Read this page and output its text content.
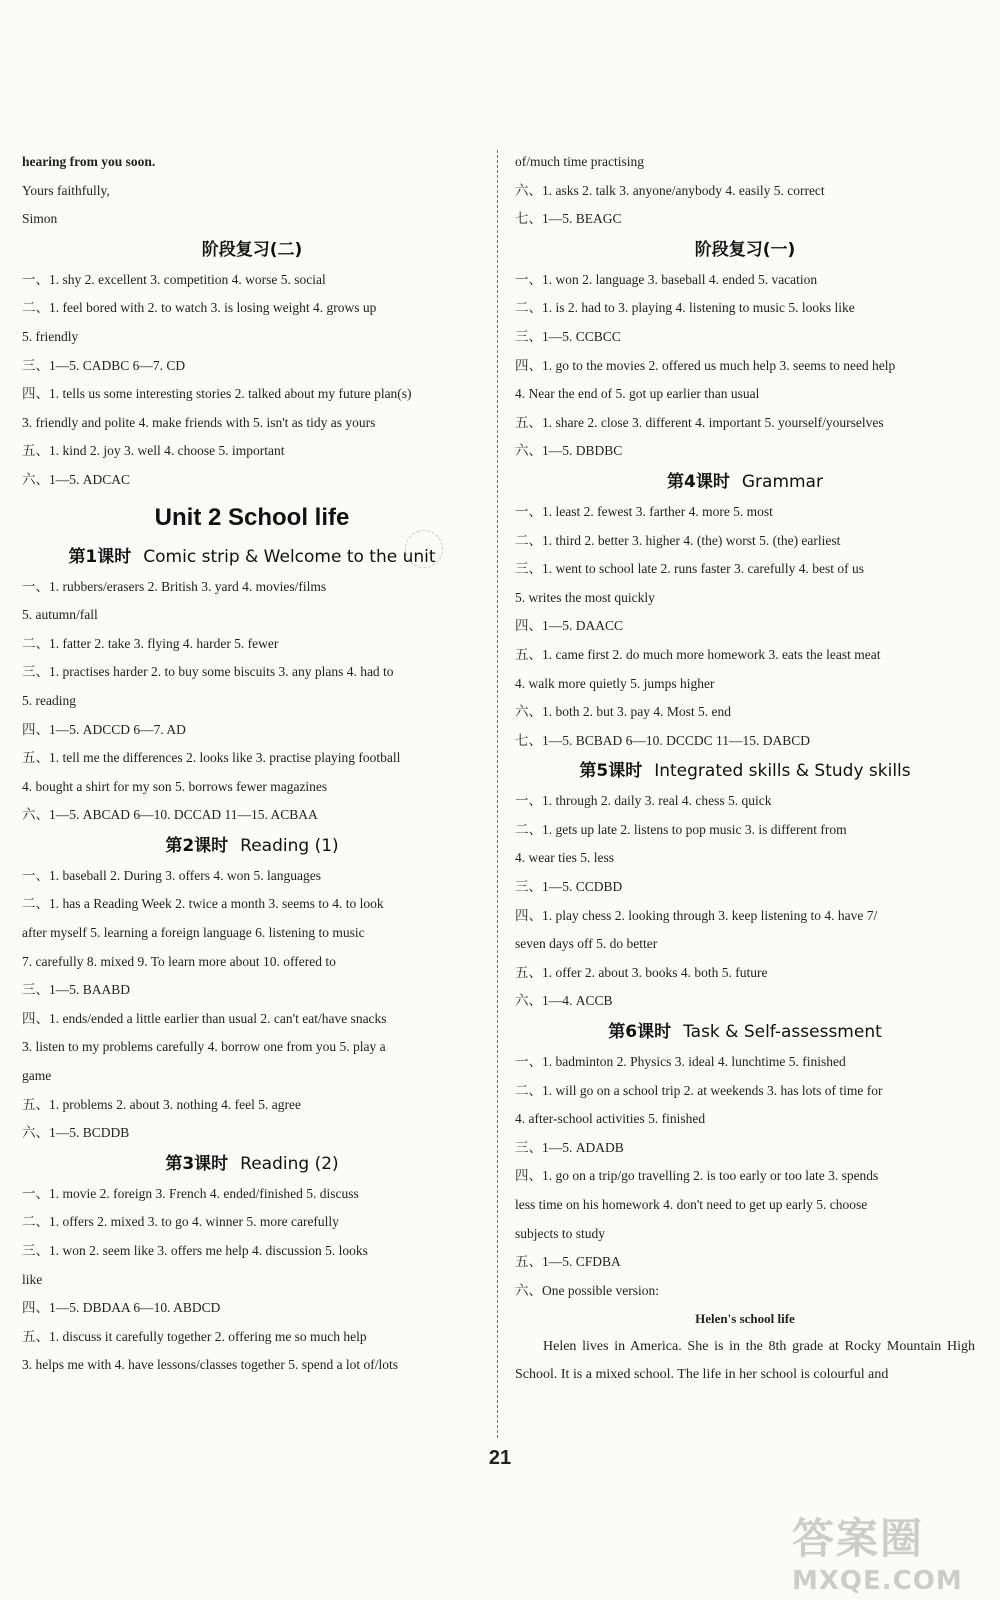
hearing from you soon.
Yours faithfully,
Simon
阶段复习(二)
一、1. shy 2. excellent 3. competition 4. worse 5. social
二、1. feel bored with 2. to watch 3. is losing weight 4. grows up
5. friendly
三、1—5. CADBC 6—7. CD
四、1. tells us some interesting stories 2. talked about my future plan(s)
3. friendly and polite 4. make friends with 5. isn't as tidy as yours
五、1. kind 2. joy 3. well 4. choose 5. important
六、1—5. ADCAC
Unit 2 School life
第1课时 Comic strip & Welcome to the unit
一、1. rubbers/erasers 2. British 3. yard 4. movies/films
5. autumn/fall
二、1. fatter 2. take 3. flying 4. harder 5. fewer
三、1. practises harder 2. to buy some biscuits 3. any plans 4. had to
5. reading
四、1—5. ADCCD 6—7. AD
五、1. tell me the differences 2. looks like 3. practise playing football
4. bought a shirt for my son 5. borrows fewer magazines
六、1—5. ABCAD 6—10. DCCAD 11—15. ACBAA
第2课时 Reading (1)
一、1. baseball 2. During 3. offers 4. won 5. languages
二、1. has a Reading Week 2. twice a month 3. seems to 4. to look
after myself 5. learning a foreign language 6. listening to music
7. carefully 8. mixed 9. To learn more about 10. offered to
三、1—5. BAABD
四、1. ends/ended a little earlier than usual 2. can't eat/have snacks
3. listen to my problems carefully 4. borrow one from you 5. play a
game
五、1. problems 2. about 3. nothing 4. feel 5. agree
六、1—5. BCDDB
第3课时 Reading (2)
一、1. movie 2. foreign 3. French 4. ended/finished 5. discuss
二、1. offers 2. mixed 3. to go 4. winner 5. more carefully
三、1. won 2. seem like 3. offers me help 4. discussion 5. looks
like
四、1—5. DBDAA 6—10. ABDCD
五、1. discuss it carefully together 2. offering me so much help
3. helps me with 4. have lessons/classes together 5. spend a lot of/lots
of/much time practising
六、1. asks 2. talk 3. anyone/anybody 4. easily 5. correct
七、1—5. BEAGC
阶段复习(一)
一、1. won 2. language 3. baseball 4. ended 5. vacation
二、1. is 2. had to 3. playing 4. listening to music 5. looks like
三、1—5. CCBCC
四、1. go to the movies 2. offered us much help 3. seems to need help
4. Near the end of 5. got up earlier than usual
五、1. share 2. close 3. different 4. important 5. yourself/yourselves
六、1—5. DBDBC
第4课时 Grammar
一、1. least 2. fewest 3. farther 4. more 5. most
二、1. third 2. better 3. higher 4. (the) worst 5. (the) earliest
三、1. went to school late 2. runs faster 3. carefully 4. best of us
5. writes the most quickly
四、1—5. DAACC
五、1. came first 2. do much more homework 3. eats the least meat
4. walk more quietly 5. jumps higher
六、1. both 2. but 3. pay 4. Most 5. end
七、1—5. BCBAD 6—10. DCCDC 11—15. DABCD
第5课时 Integrated skills & Study skills
一、1. through 2. daily 3. real 4. chess 5. quick
二、1. gets up late 2. listens to pop music 3. is different from
4. wear ties 5. less
三、1—5. CCDBD
四、1. play chess 2. looking through 3. keep listening to 4. have 7/
seven days off 5. do better
五、1. offer 2. about 3. books 4. both 5. future
六、1—4. ACCB
第6课时 Task & Self-assessment
一、1. badminton 2. Physics 3. ideal 4. lunchtime 5. finished
二、1. will go on a school trip 2. at weekends 3. has lots of time for
4. after-school activities 5. finished
三、1—5. ADADB
四、1. go on a trip/go travelling 2. is too early or too late 3. spends
less time on his homework 4. don't need to get up early 5. choose
subjects to study
五、1—5. CFDBA
六、One possible version:
Helen's school life
Helen lives in America. She is in the 8th grade at Rocky Mountain High School. It is a mixed school. The life in her school is colourful and
21
答案圈
MXQE.COM
